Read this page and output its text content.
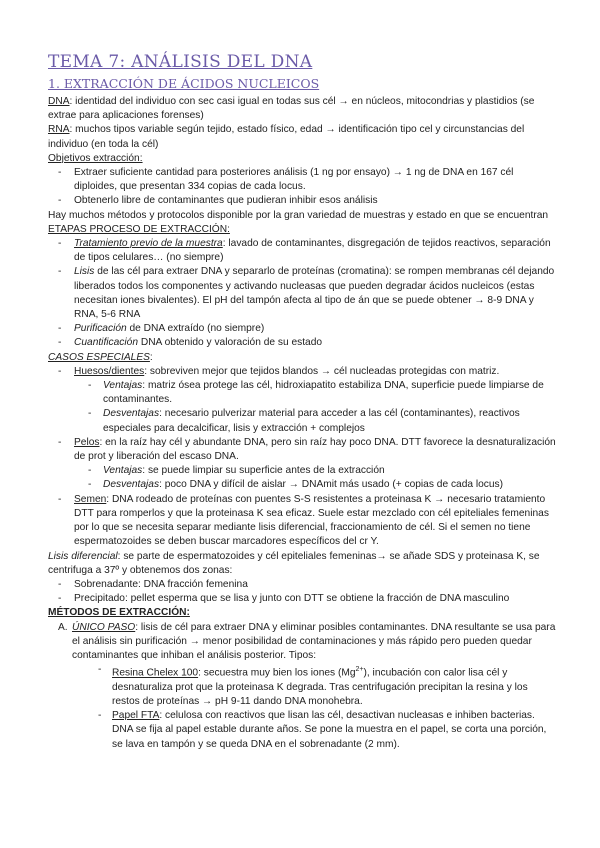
TEMA 7: ANÁLISIS DEL DNA
1. EXTRACCIÓN DE ÁCIDOS NUCLEICOS

DNA: identidad del individuo con sec casi igual en todas sus cél → en núcleos, mitocondrias y plastidios (se extrae para aplicaciones forenses)

RNA: muchos tipos variable según tejido, estado físico, edad → identificación tipo cel y circunstancias del individuo (en toda la cél)

Objetivos extracción:

- Extraer suficiente cantidad para posteriores análisis (1 ng por ensayo) → 1 ng de DNA en 167 cél diploides, que presentan 334 copias de cada locus.
- Obtenerlo libre de contaminantes que pudieran inhibir esos análisis

Hay muchos métodos y protocolos disponible por la gran variedad de muestras y estado en que se encuentran

ETAPAS PROCESO DE EXTRACCIÓN:

- Tratamiento previo de la muestra: lavado de contaminantes, disgregación de tejidos reactivos, separación de tipos celulares… (no siempre)
- Lisis de las cél para extraer DNA y separarlo de proteínas (cromatina): se rompen membranas cél dejando liberados todos los componentes y activando nucleasas que pueden degradar ácidos nucleicos (estas necesitan iones bivalentes). El pH del tampón afecta al tipo de án que se puede obtener → 8-9 DNA y RNA, 5-6 RNA
- Purificación de DNA extraído (no siempre)
- Cuantificación DNA obtenido y valoración de su estado

CASOS ESPECIALES:

- Huesos/dientes: sobreviven mejor que tejidos blandos → cél nucleadas protegidas con matriz.
- Ventajas: matriz ósea protege las cél, hidroxiapatito estabiliza DNA, superficie puede limpiarse de contaminantes.
- Desventajas: necesario pulverizar material para acceder a las cél (contaminantes), reactivos especiales para decalcificar, lisis y extracción + complejos
- Pelos: en la raíz hay cél y abundante DNA, pero sin raíz hay poco DNA. DTT favorece la desnaturalización de prot y liberación del escaso DNA.
- Ventajas: se puede limpiar su superficie antes de la extracción
- Desventajas: poco DNA y difícil de aislar → DNAmit más usado (+ copias de cada locus)
- Semen: DNA rodeado de proteínas con puentes S-S resistentes a proteinasa K → necesario tratamiento DTT para romperlos y que la proteinasa K sea eficaz. Suele estar mezclado con cél epiteliales femeninas por lo que se necesita separar mediante lisis diferencial, fraccionamiento de cél. Si el semen no tiene espermatozoides se deben buscar marcadores específicos del cr Y.

Lisis diferencial: se parte de espermatozoides y cél epiteliales femeninas→ se añade SDS y proteinasa K, se centrifuga a 37º y obtenemos dos zonas:

- Sobrenadante: DNA fracción femenina
- Precipitado: pellet esperma que se lisa y junto con DTT se obtiene la fracción de DNA masculino

MÉTODOS DE EXTRACCIÓN:

A. ÚNICO PASO: lisis de cél para extraer DNA y eliminar posibles contaminantes. DNA resultante se usa para el análisis sin purificación → menor posibilidad de contaminaciones y más rápido pero pueden quedar contaminantes que inhiban el análisis posterior. Tipos:
- Resina Chelex 100: secuestra muy bien los iones $(Mg^{2+})$, incubación con calor lisa cél y desnaturaliza prot que la proteinasa K degrada. Tras centrifugación precipitan la resina y los restos de proteínas → pH 9-11 dando DNA monohebra.
- Papel FTA: celulosa con reactivos que lisan las cél, desactivan nucleasas e inhiben bacterias. DNA se fija al papel estable durante años. Se pone la muestra en el papel, se corta una porción, se lava en tampón y se queda DNA en el sobrenadante (2 mm).
